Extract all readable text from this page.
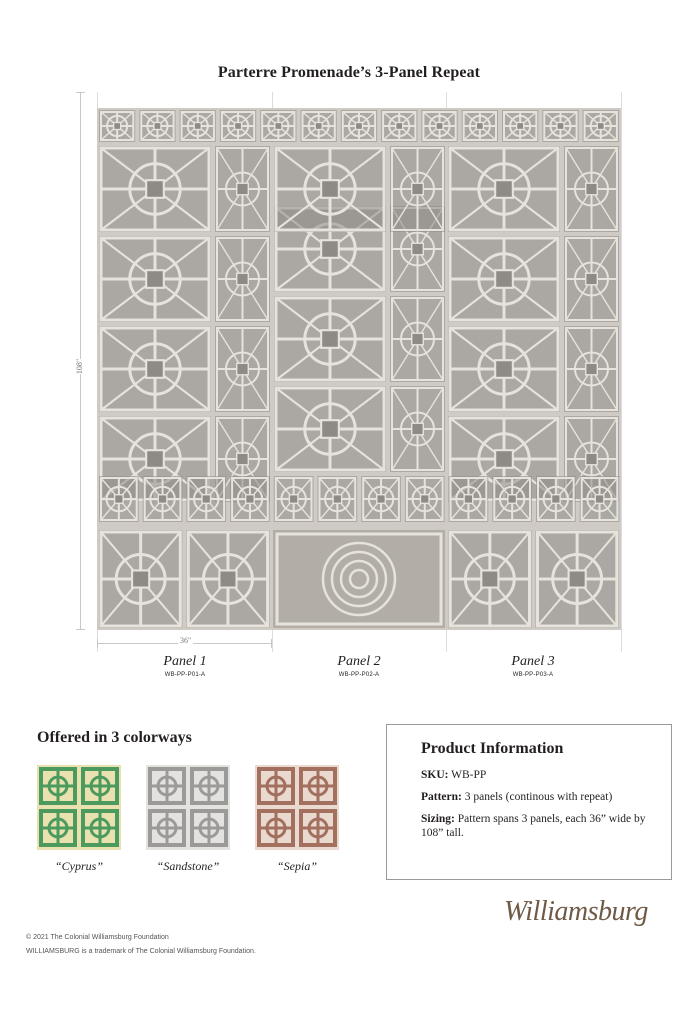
Parterre Promenade’s 3-Panel Repeat
108"
36"
Panel 1
WB-PP-P01-A
Panel 2
WB-PP-P02-A
Panel 3
WB-PP-P03-A
Offered in 3 colorways
“Cyprus”	“Sandstone”	“Sepia”
Product Information
SKU: WB-PP
Pattern: 3 panels (continous with repeat)
Sizing: Pattern spans 3 panels, each 36” wide by 108” tall.
© 2021 The Colonial Williamsburg Foundation
WILLIAMSBURG is a trademark of The Colonial Williamsburg Foundation.
Williamsburg
